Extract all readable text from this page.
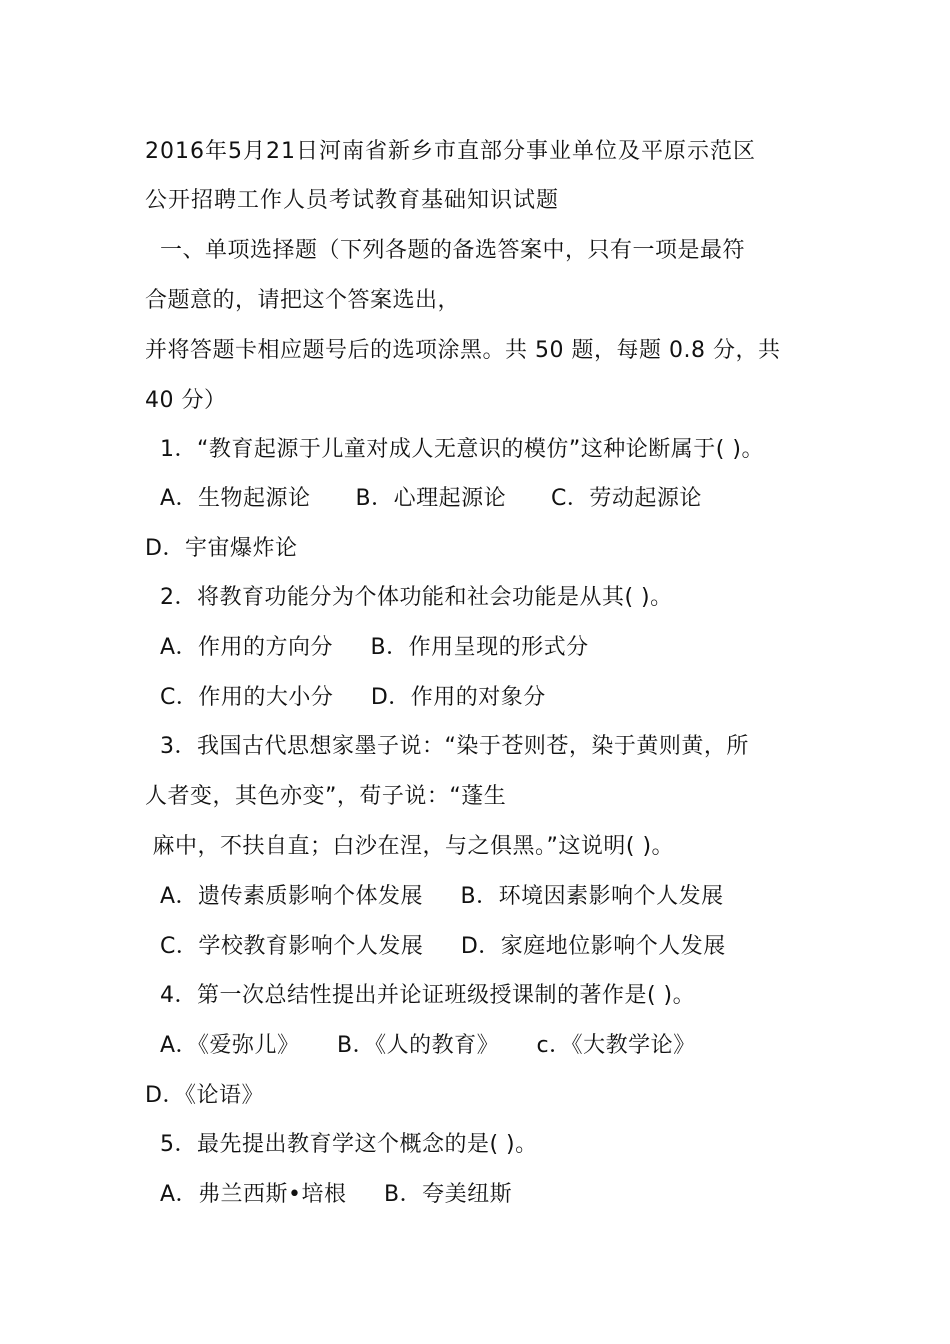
2016年5月21日河南省新乡市直部分事业单位及平原示范区
公开招聘工作人员考试教育基础知识试题
一、单项选择题（下列各题的备选答案中，只有一项是最符
合题意的，请把这个答案选出，
并将答题卡相应题号后的选项涂黑。共 50 题，每题 0.8 分，共
40 分）
1．“教育起源于儿童对成人无意识的模仿”这种论断属于( )。
A．生物起源论      B．心理起源论      C．劳动起源论
D．宇宙爆炸论
2．将教育功能分为个体功能和社会功能是从其( )。
A．作用的方向分     B．作用呈现的形式分
C．作用的大小分     D．作用的对象分
3．我国古代思想家墨子说：“染于苍则苍，染于黄则黄，所
人者变，其色亦变”，荀子说：“蓬生
麻中，不扶自直；白沙在涅，与之俱黑。”这说明( )。
A．遗传素质影响个体发展     B．环境因素影响个人发展
C．学校教育影响个人发展     D．家庭地位影响个人发展
4．第一次总结性提出并论证班级授课制的著作是( )。
A．《爱弥儿》     B．《人的教育》     c．《大教学论》
D．《论语》
5．最先提出教育学这个概念的是( )。
A．弗兰西斯•培根     B．夸美纽斯
